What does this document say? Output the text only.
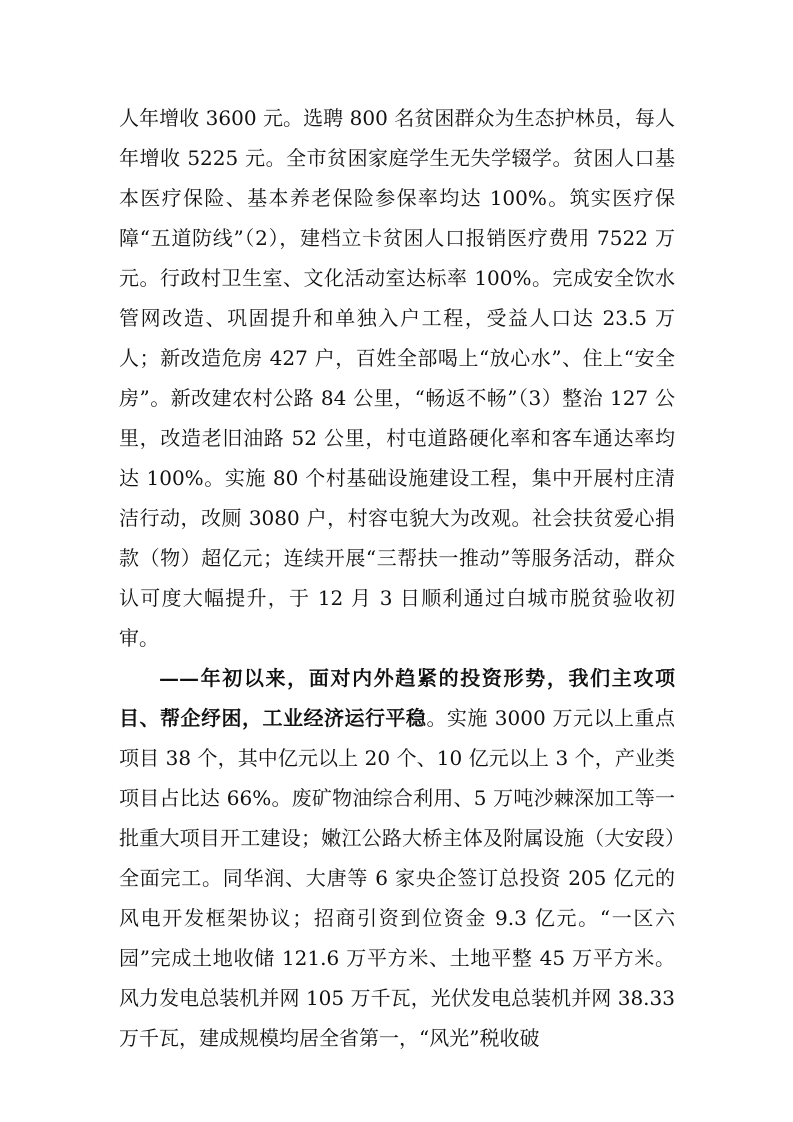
人年增收 3600 元。选聘 800 名贫困群众为生态护林员，每人年增收 5225 元。全市贫困家庭学生无失学辍学。贫困人口基本医疗保险、基本养老保险参保率均达 100%。筑实医疗保障“五道防线”（2），建档立卡贫困人口报销医疗费用 7522 万元。行政村卫生室、文化活动室达标率 100%。完成安全饮水管网改造、巩固提升和单独入户工程，受益人口达 23.5 万人；新改造危房 427 户，百姓全部喝上“放心水”、住上“安全房”。新改建农村公路 84 公里，“畅返不畅”（3）整治 127 公里，改造老旧油路 52 公里，村屯道路硬化率和客车通达率均达 100%。实施 80 个村基础设施建设工程，集中开展村庄清洁行动，改厕 3080 户，村容屯貌大为改观。社会扶贫爱心捐款（物）超亿元；连续开展“三帮扶一推动”等服务活动，群众认可度大幅提升，于 12 月 3 日顺利通过白城市脱贫验收初审。

——年初以来，面对内外趋紧的投资形势，我们主攻项目、帮企纾困，工业经济运行平稳。实施 3000 万元以上重点项目 38 个，其中亿元以上 20 个、10 亿元以上 3 个，产业类项目占比达 66%。废矿物油综合利用、5 万吨沙棘深加工等一批重大项目开工建设；嫩江公路大桥主体及附属设施（大安段）全面完工。同华润、大唐等 6 家央企签订总投资 205 亿元的风电开发框架协议；招商引资到位资金 9.3 亿元。“一区六园”完成土地收储 121.6 万平方米、土地平整 45 万平方米。风力发电总装机并网 105 万千瓦，光伏发电总装机并网 38.33 万千瓦，建成规模均居全省第一，“风光”税收破
